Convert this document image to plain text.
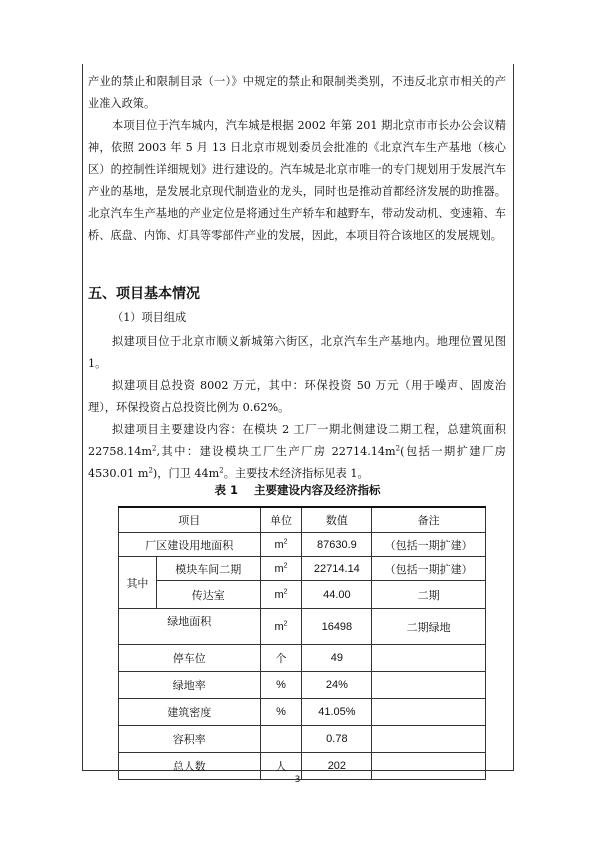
产业的禁止和限制目录（一）》中规定的禁止和限制类类别，不违反北京市相关的产业准入政策。

本项目位于汽车城内，汽车城是根据 2002 年第 201 期北京市市长办公会议精神，依照 2003 年 5 月 13 日北京市规划委员会批准的《北京汽车生产基地（核心区）的控制性详细规划》进行建设的。汽车城是北京市唯一的专门规划用于发展汽车产业的基地，是发展北京现代制造业的龙头，同时也是推动首都经济发展的助推器。北京汽车生产基地的产业定位是将通过生产轿车和越野车，带动发动机、变速箱、车桥、底盘、内饰、灯具等零部件产业的发展，因此，本项目符合该地区的发展规划。

五、项目基本情况

（1）项目组成

拟建项目位于北京市顺义新城第六街区，北京汽车生产基地内。地理位置见图 1。

拟建项目总投资 8002 万元，其中：环保投资 50 万元（用于噪声、固废治理），环保投资占总投资比例为 0.62%。

拟建项目主要建设内容：在模块 2 工厂一期北侧建设二期工程，总建筑面积 $22758.14m^2$,其中：建设模块工厂生产厂房 $22714.14m^2$(包括一期扩建厂房 4530.01 $m^2$)，门卫 $44m^2$。主要技术经济指标见表 1。

表 1 主要建设内容及经济指标
项目		单位	数值	备注
厂区建设用地面积		$m^2$	87630.9	（包括一期扩建）
其中	模块车间二期	$m^2$	22714.14	（包括一期扩建）
	传达室	$m^2$	44.00	二期
绿地面积		$m^2$	16498	二期绿地
停车位		个	49	
绿地率		%	24%	
建筑密度		%	41.05%	
容积率			0.78	
总人数		人	202	
3
